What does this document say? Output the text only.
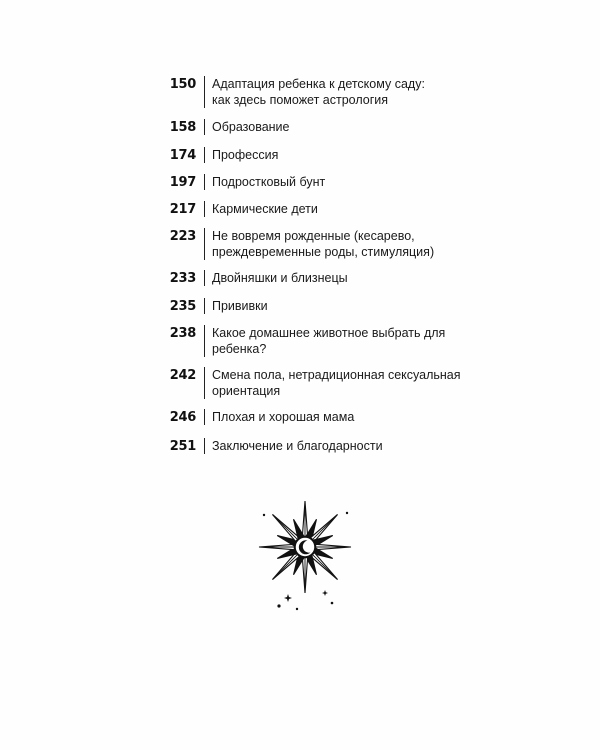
150	Адаптация ребенка к детскому саду:
как здесь поможет астрология
158	Образование
174	Профессия
197	Подростковый бунт
217	Кармические дети
223	Не вовремя рожденные (кесарево,
преждевременные роды, стимуляция)
233	Двойняшки и близнецы
235	Прививки
238	Какое домашнее животное выбрать для
ребенка?
242	Смена пола, нетрадиционная сексуальная
ориентация
246	Плохая и хорошая мама
251	Заключение и благодарности
